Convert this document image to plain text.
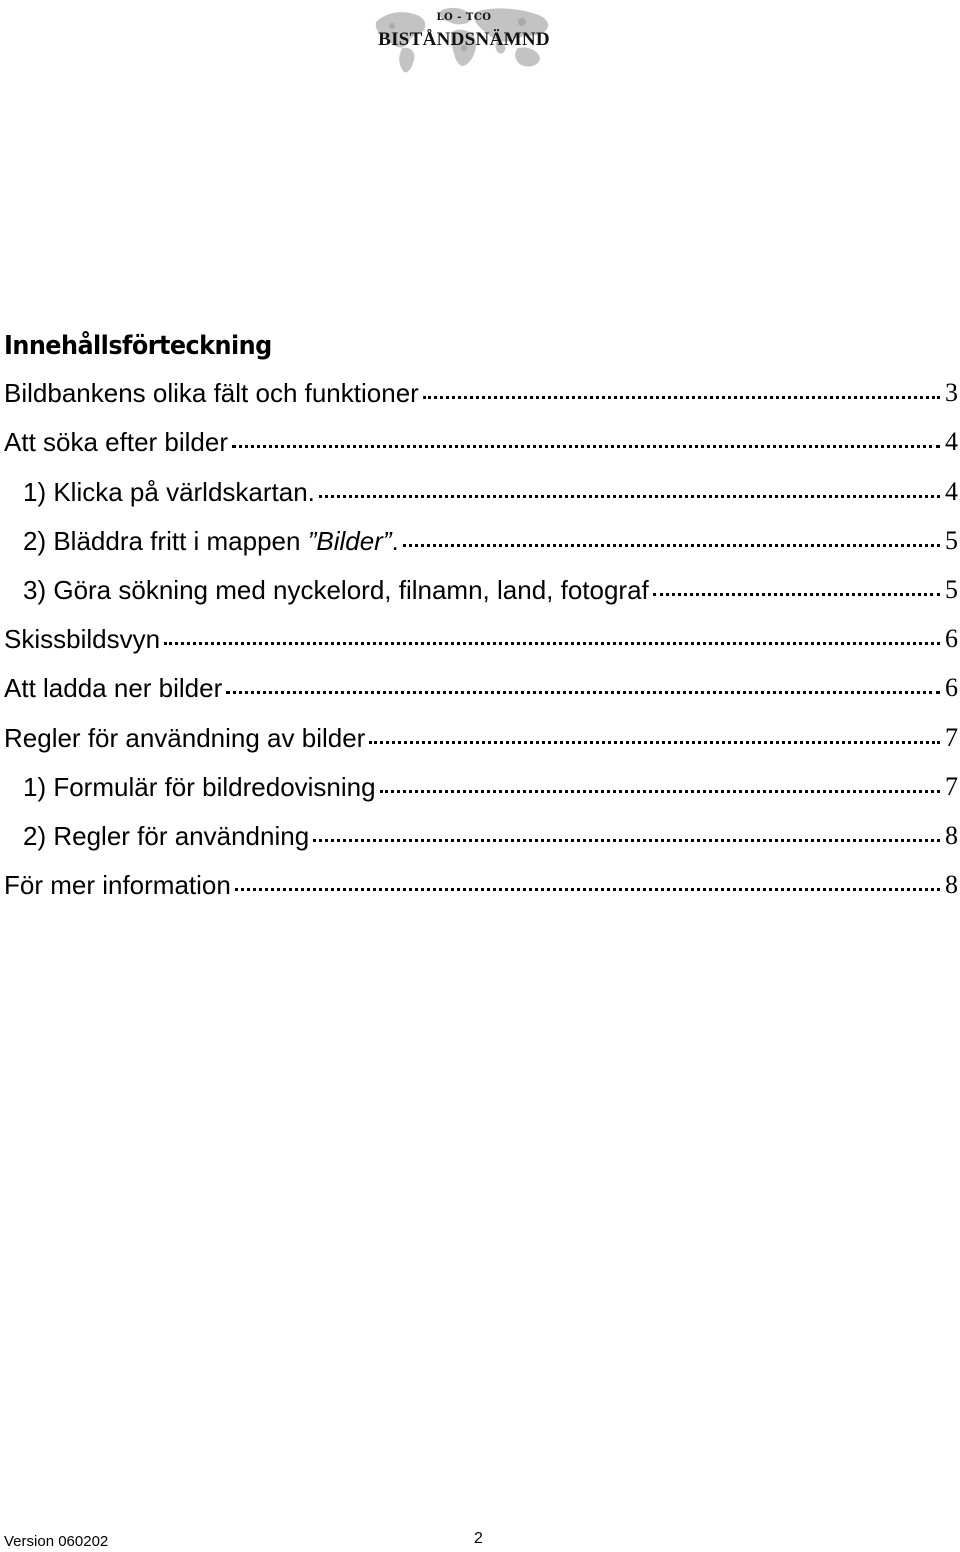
LO - TCO
BISTÅNDSNÄMND
Innehållsförteckning
Bildbankens olika fält och funktioner	3
Att söka efter bilder	4
1) Klicka på världskartan.	4
2) Bläddra fritt i mappen ”Bilder”.	5
3) Göra sökning med nyckelord, filnamn, land, fotograf	5
Skissbildsvyn	6
Att ladda ner bilder	6
Regler för användning av bilder	7
1) Formulär för bildredovisning	7
2) Regler för användning	8
För mer information	8
Version 060202	2
